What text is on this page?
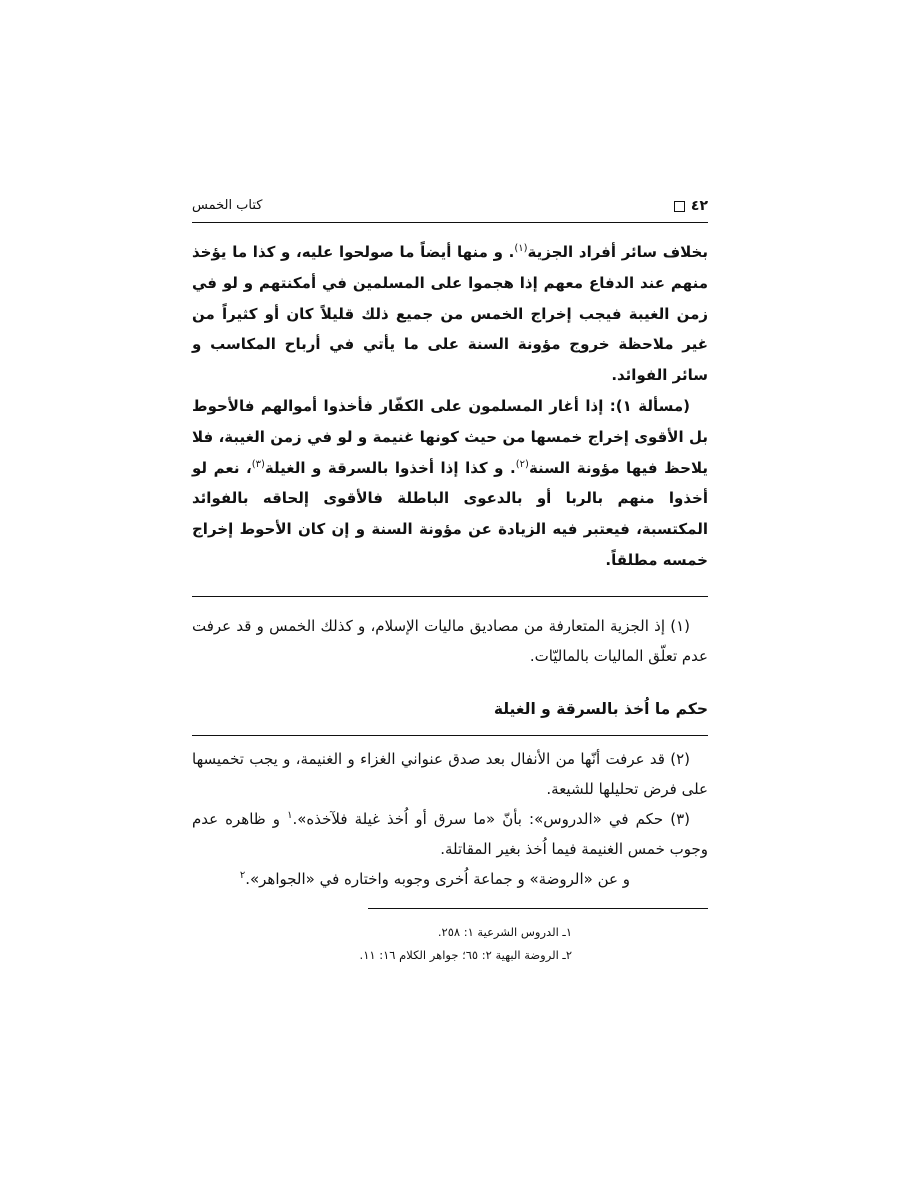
٤٢
كتاب الخمس

بخلاف سائر أفراد الجزية$^{(١)}$. و منها أيضاً ما صولحوا عليه، و كذا ما يؤخذ منهم عند الدفاع معهم إذا هجموا على المسلمين في أمكنتهم و لو في زمن الغيبة فيجب إخراج الخمس من جميع ذلك قليلاً كان أو كثيراً من غير ملاحظة خروج مؤونة السنة على ما يأتي في أرباح المكاسب و سائر الفوائد.

(مسألة ١): إذا أغار المسلمون على الكفّار فأخذوا أموالهم فالأحوط بل الأقوى إخراج خمسها من حيث كونها غنيمة و لو في زمن الغيبة، فلا يلاحظ فيها مؤونة السنة$^{(٢)}$. و كذا إذا أخذوا بالسرقة و الغيلة$^{(٣)}$، نعم لو أخذوا منهم بالربا أو بالدعوى الباطلة فالأقوى إلحاقه بالفوائد المكتسبة، فيعتبر فيه الزيادة عن مؤونة السنة و إن كان الأحوط إخراج خمسه مطلقاً.

(١) إذ الجزية المتعارفة من مصاديق ماليات الإسلام، و كذلك الخمس و قد عرفت عدم تعلّق الماليات بالماليّات.

حكم ما اُخذ بالسرقة و الغيلة

(٢) قد عرفت أنّها من الأنفال بعد صدق عنواني الغزاء و الغنيمة، و يجب تخميسها على فرض تحليلها للشيعة.

(٣) حكم في «الدروس»: بأنّ «ما سرق أو اُخذ غيلة فلآخذه».$^١$ و ظاهره عدم وجوب خمس الغنيمة فيما اُخذ بغير المقاتلة.

و عن «الروضة» و جماعة اُخرى وجوبه واختاره في «الجواهر».$^٢$

١ـ الدروس الشرعية ١: ٢٥٨.

٢ـ الروضة البهية ٢: ٦٥؛ جواهر الكلام ١٦: ١١.
